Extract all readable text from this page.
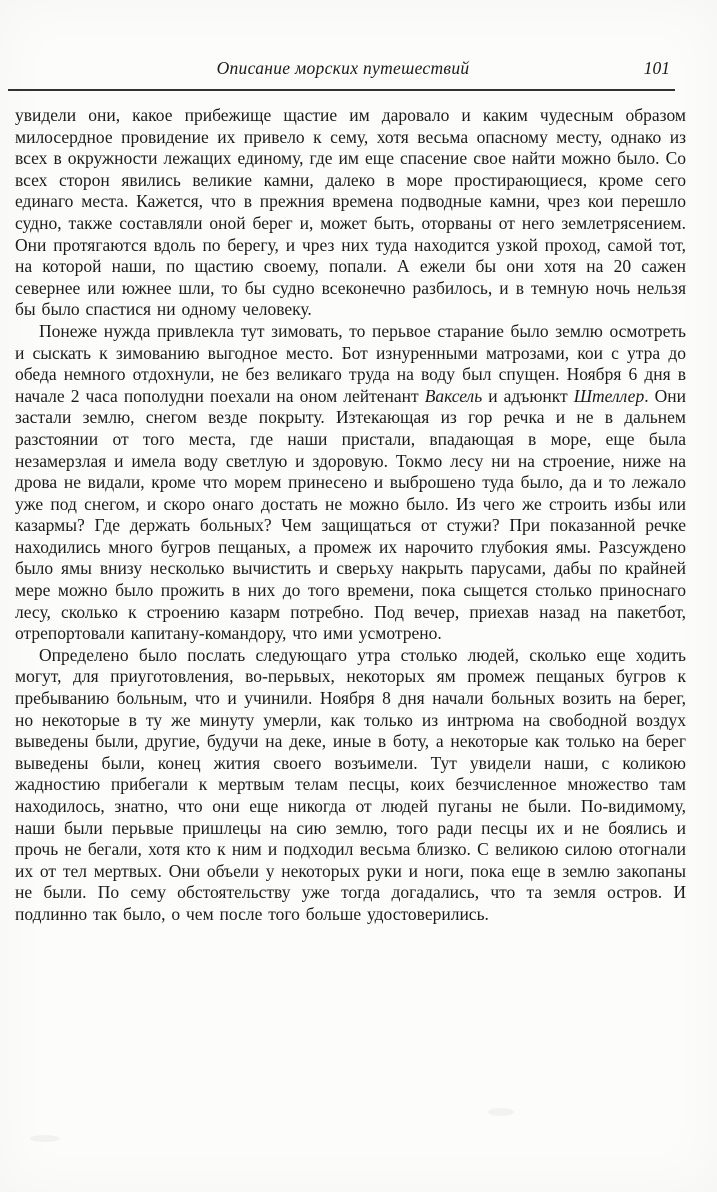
Описание морских путешествий	101

увидели они, какое прибежище щастие им даровало и каким чудесным образом милосердное провидение их привело к сему, хотя весьма опасному месту, однако из всех в окружности лежащих единому, где им еще спасение свое найти можно было. Со всех сторон явились великие камни, далеко в море простирающиеся, кроме сего единаго места. Кажется, что в прежния времена подводные камни, чрез кои перешло судно, также составляли оной берег и, может быть, оторваны от него землетрясением. Они протягаются вдоль по берегу, и чрез них туда находится узкой проход, самой тот, на которой наши, по щастию своему, попали. А ежели бы они хотя на 20 сажен севернее или южнее шли, то бы судно всеконечно разбилось, и в темную ночь нельзя бы было спастися ни одному человеку.

Понеже нужда привлекла тут зимовать, то перьвое старание было землю осмотреть и сыскать к зимованию выгодное место. Бот изнуренными матрозами, кои с утра до обеда немного отдохнули, не без великаго труда на воду был спущен. Ноября 6 дня в начале 2 часа пополудни поехали на оном лейтенант Ваксель и адъюнкт Штеллер. Они застали землю, снегом везде покрыту. Изтекающая из гор речка и не в дальнем разстоянии от того места, где наши пристали, впадающая в море, еще была незамерзлая и имела воду светлую и здоровую. Токмо лесу ни на строение, ниже на дрова не видали, кроме что морем принесено и выброшено туда было, да и то лежало уже под снегом, и скоро онаго достать не можно было. Из чего же строить избы или казармы? Где держать больных? Чем защищаться от стужи? При показанной речке находились много бугров пещаных, а промеж их нарочито глубокия ямы. Разсуждено было ямы внизу несколько вычистить и сверьху накрыть парусами, дабы по крайней мере можно было прожить в них до того времени, пока сыщется столько приноснаго лесу, сколько к строению казарм потребно. Под вечер, приехав назад на пакетбот, отрепортовали капитану-командору, что ими усмотрено.

Определено было послать следующаго утра столько людей, сколько еще ходить могут, для приуготовления, во-перьвых, некоторых ям промеж пещаных бугров к пребыванию больным, что и учинили. Ноября 8 дня начали больных возить на берег, но некоторые в ту же минуту умерли, как только из интрюма на свободной воздух выведены были, другие, будучи на деке, иные в боту, а некоторые как только на берег выведены были, конец жития своего возъимели. Тут увидели наши, с коликою жадностию прибегали к мертвым телам песцы, коих безчисленное множество там находилось, знатно, что они еще никогда от людей пуганы не были. По-видимому, наши были перьвые пришлецы на сию землю, того ради песцы их и не боялись и прочь не бегали, хотя кто к ним и подходил весьма близко. С великою силою отогнали их от тел мертвых. Они объели у некоторых руки и ноги, пока еще в землю закопаны не были. По сему обстоятельству уже тогда догадались, что та земля остров. И подлинно так было, о чем после того больше удостоверились.
